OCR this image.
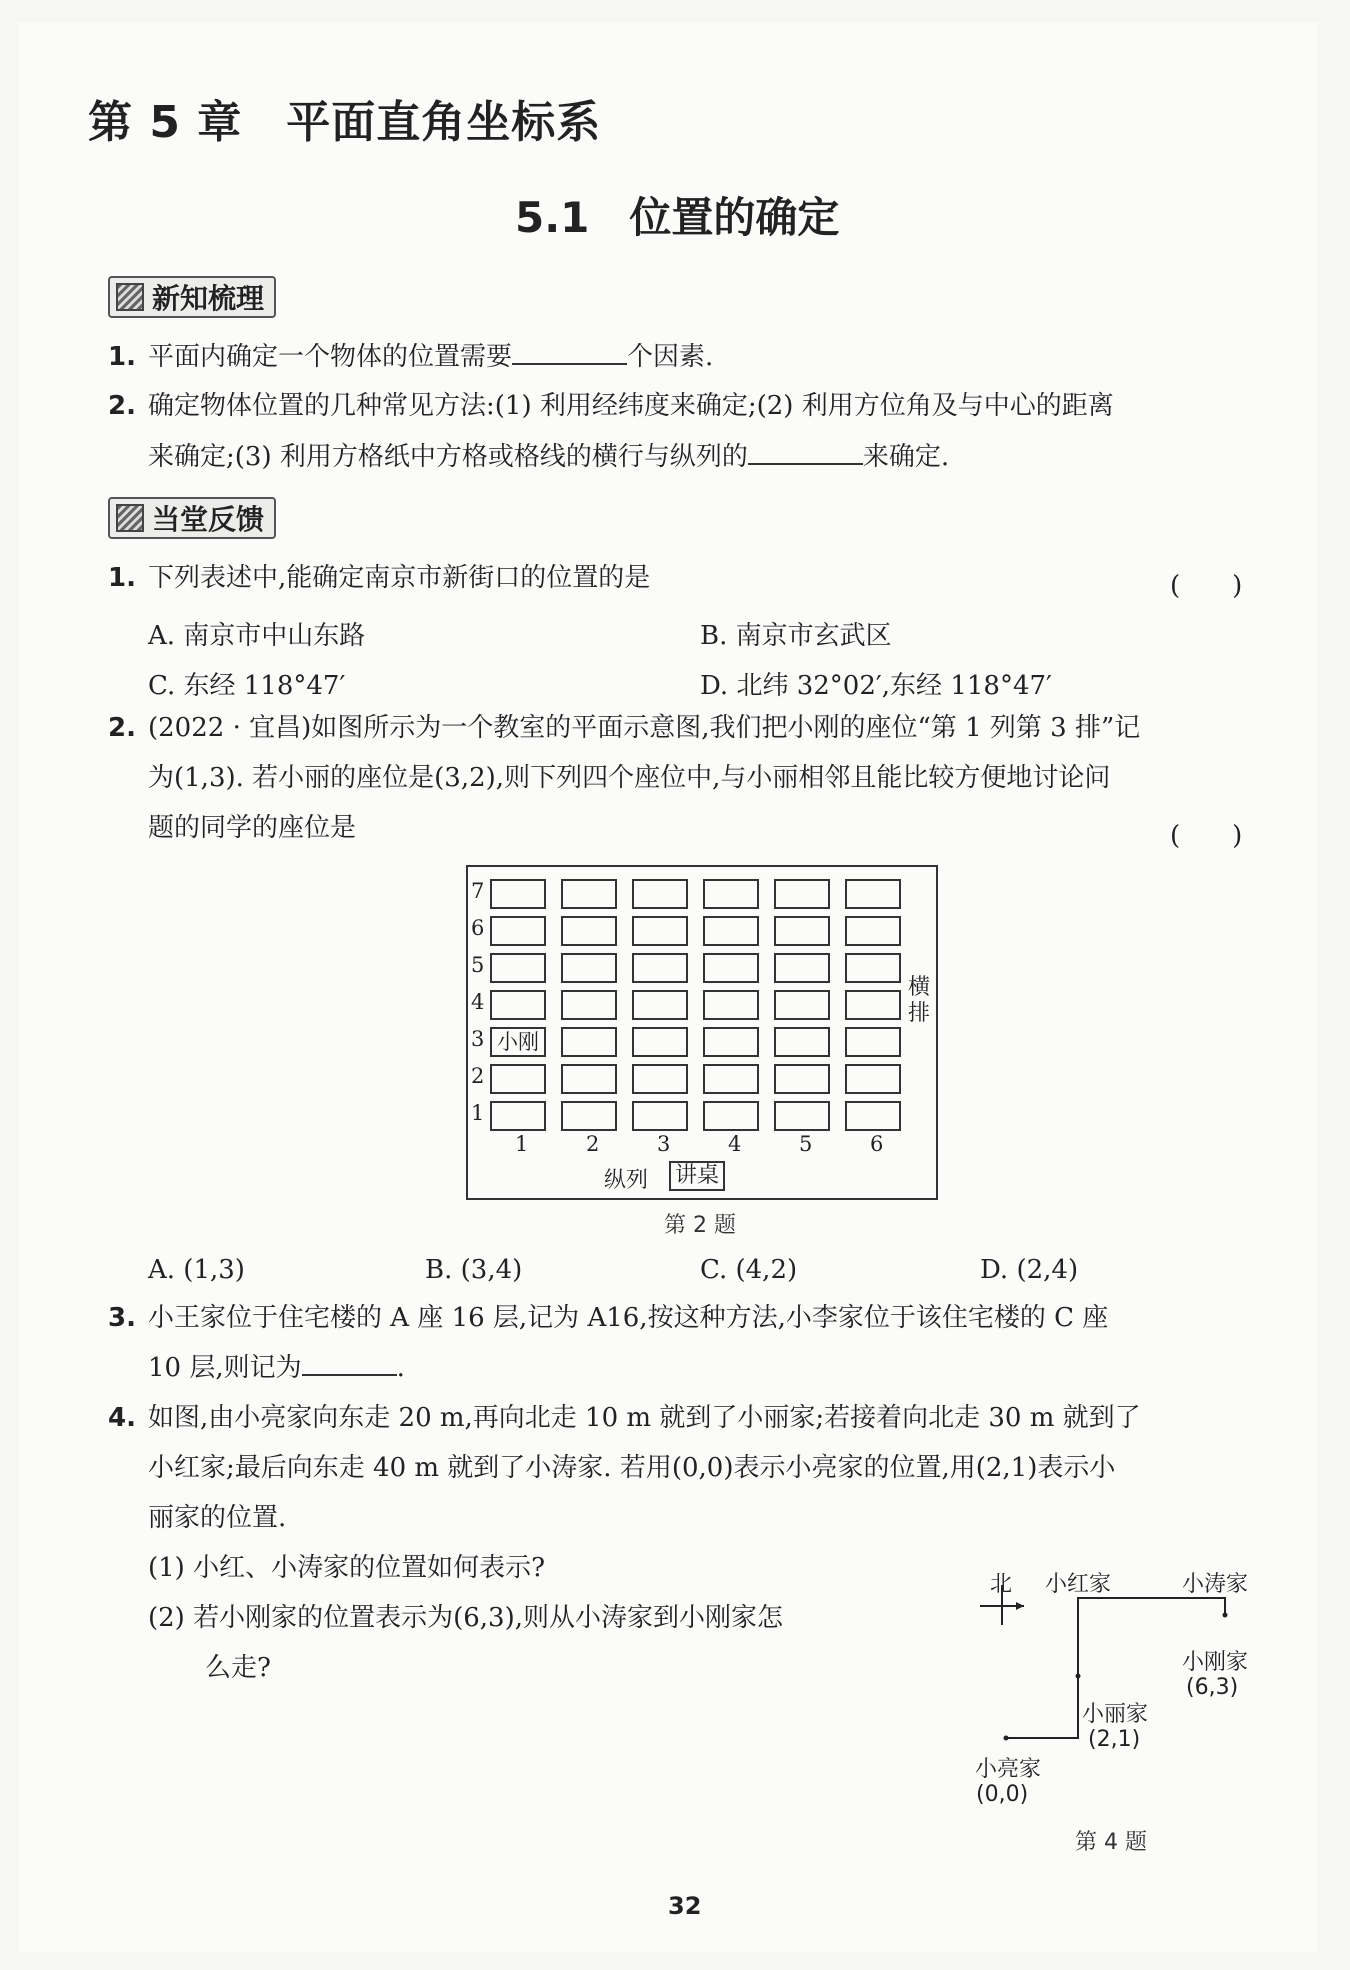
第 5 章 平面直角坐标系
5.1 位置的确定
新知梳理
1. 平面内确定一个物体的位置需要	个因素.
2. 确定物体位置的几种常见方法:(1) 利用经纬度来确定;(2) 利用方位角及与中心的距离
来确定;(3) 利用方格纸中方格或格线的横行与纵列的	来确定.
当堂反馈
1. 下列表述中,能确定南京市新街口的位置的是	(　　)
A. 南京市中山东路	B. 南京市玄武区
C. 东经 118°47′	D. 北纬 32°02′,东经 118°47′
2. (2022 · 宜昌)如图所示为一个教室的平面示意图,我们把小刚的座位“第 1 列第 3 排”记
为(1,3). 若小丽的座位是(3,2),则下列四个座位中,与小丽相邻且能比较方便地讨论问
题的同学的座位是	(　　)
7
6
5
4
3
2
1
小刚
1	2	3	4	5	6
横
排
纵列 讲桌
第 2 题
A. (1,3)	B. (3,4)	C. (4,2)	D. (2,4)
3. 小王家位于住宅楼的 A 座 16 层,记为 A16,按这种方法,小李家位于该住宅楼的 C 座
10 层,则记为	.
4. 如图,由小亮家向东走 20 m,再向北走 10 m 就到了小丽家;若接着向北走 30 m 就到了
小红家;最后向东走 40 m 就到了小涛家. 若用(0,0)表示小亮家的位置,用(2,1)表示小
丽家的位置.
(1) 小红、小涛家的位置如何表示?
(2) 若小刚家的位置表示为(6,3),则从小涛家到小刚家怎
么走?
北 小红家	小涛家
小刚家
(6,3)
小丽家
(2,1)
小亮家
(0,0)
第 4 题
32
